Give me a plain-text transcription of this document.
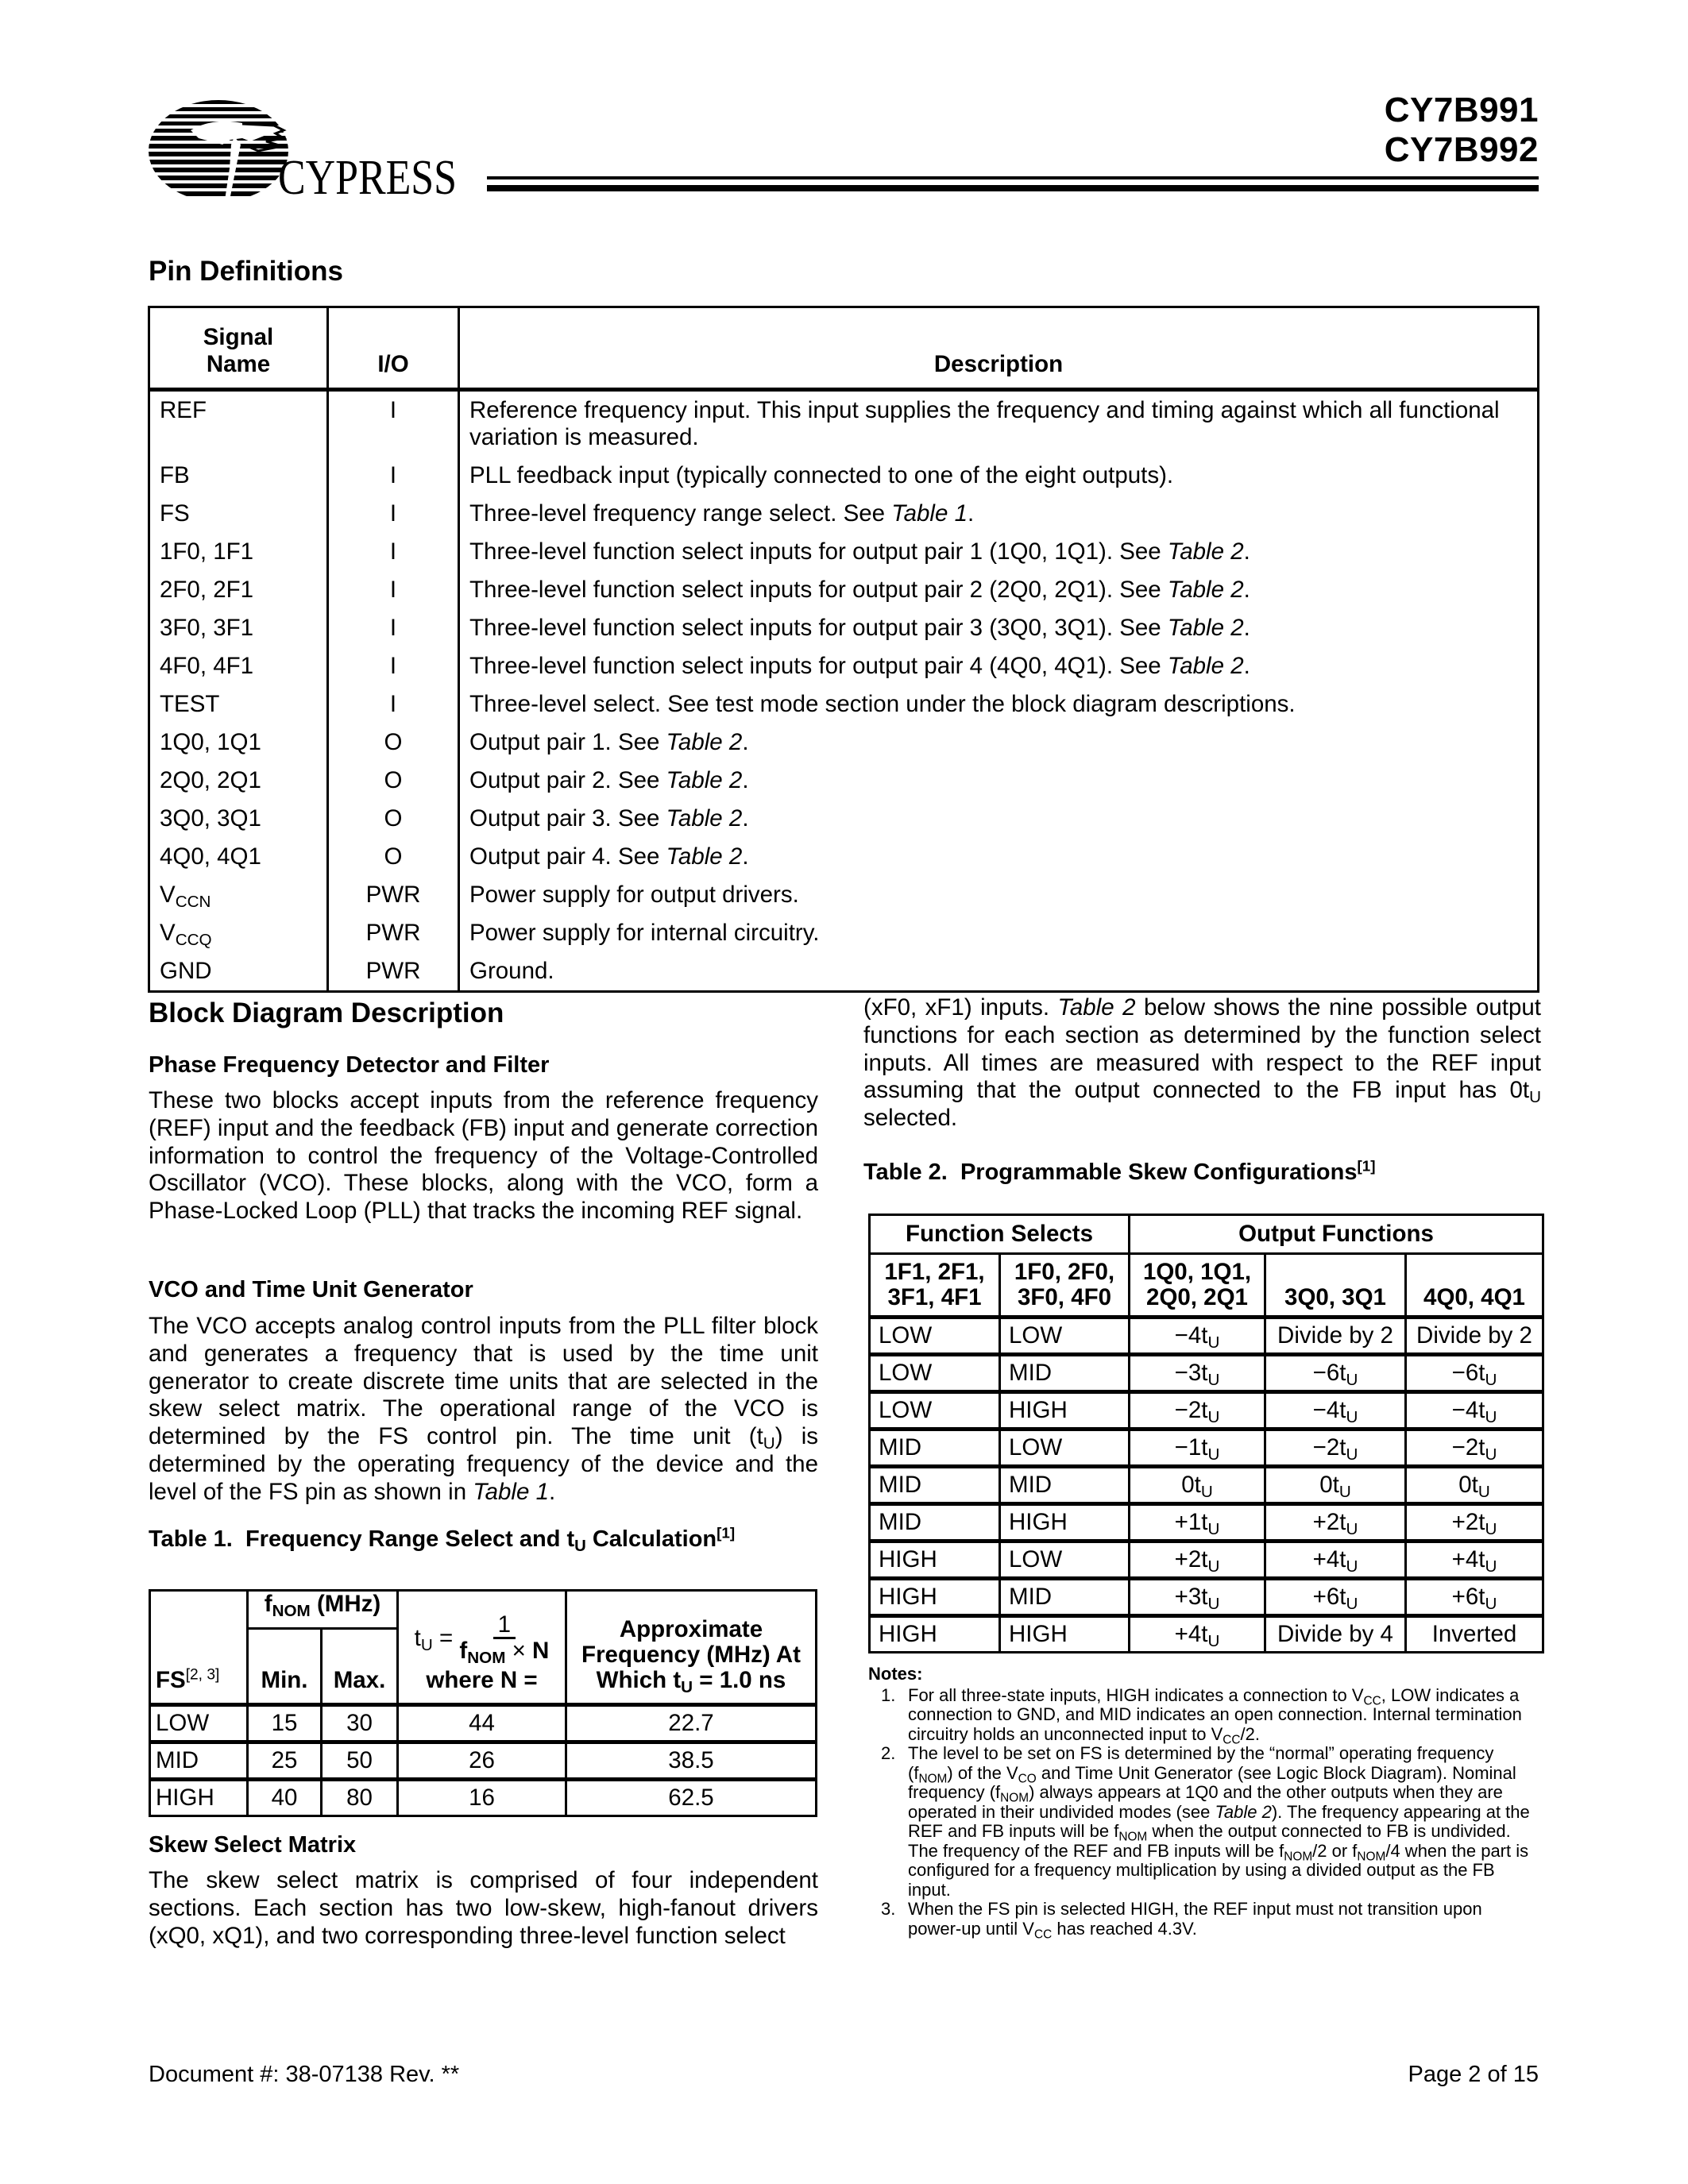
CYPRESS
CY7B991
CY7B992
Pin Definitions
Signal
Name	I/O	Description
REF	I	Reference frequency input. This input supplies the frequency and timing against which all functional variation is measured.
FB	I	PLL feedback input (typically connected to one of the eight outputs).
FS	I	Three-level frequency range select. See Table 1.
1F0, 1F1	I	Three-level function select inputs for output pair 1 (1Q0, 1Q1). See Table 2.
2F0, 2F1	I	Three-level function select inputs for output pair 2 (2Q0, 2Q1). See Table 2.
3F0, 3F1	I	Three-level function select inputs for output pair 3 (3Q0, 3Q1). See Table 2.
4F0, 4F1	I	Three-level function select inputs for output pair 4 (4Q0, 4Q1). See Table 2.
TEST	I	Three-level select. See test mode section under the block diagram descriptions.
1Q0, 1Q1	O	Output pair 1. See Table 2.
2Q0, 2Q1	O	Output pair 2. See Table 2.
3Q0, 3Q1	O	Output pair 3. See Table 2.
4Q0, 4Q1	O	Output pair 4. See Table 2.
$V_{CCN}$	PWR	Power supply for output drivers.
$V_{CCQ}$	PWR	Power supply for internal circuitry.
GND	PWR	Ground.
Block Diagram Description
Phase Frequency Detector and Filter

These two blocks accept inputs from the reference frequency (REF) input and the feedback (FB) input and generate correction information to control the frequency of the Voltage-Controlled Oscillator (VCO). These blocks, along with the VCO, form a Phase-Locked Loop (PLL) that tracks the incoming REF signal.

VCO and Time Unit Generator

The VCO accepts analog control inputs from the PLL filter block and generates a frequency that is used by the time unit generator to create discrete time units that are selected in the skew select matrix. The operational range of the VCO is determined by the FS control pin. The time unit $(t_U)$ is determined by the operating frequency of the device and the level of the FS pin as shown in Table 1.

Table 1.  Frequency Range Select and $t_U$ Calculation[1]
FS[2, 3]	$f_{NOM}$ (MHz)		$t_U = 1$
$f_{NOM} \times N$
where N =	Approximate
Frequency (MHz) At
Which $t_U = 1.0$ ns
	Min.	Max.		
LOW	15	30	44	22.7
MID	25	50	26	38.5
HIGH	40	80	16	62.5
Skew Select Matrix

The skew select matrix is comprised of four independent sections. Each section has two low-skew, high-fanout drivers (xQ0, xQ1), and two corresponding three-level function select

(xF0, xF1) inputs. Table 2 below shows the nine possible output functions for each section as determined by the function select inputs. All times are measured with respect to the REF input assuming that the output connected to the FB input has $0t_U$ selected.

Table 2.  Programmable Skew Configurations[1]
Function Selects		Output Functions		
1F1, 2F1,
3F1, 4F1	1F0, 2F0,
3F0, 4F0	1Q0, 1Q1,
2Q0, 2Q1	3Q0, 3Q1	4Q0, 4Q1
LOW	LOW	$-4t_U$	Divide by 2	Divide by 2
LOW	MID	$-3t_U$	$-6t_U$	$-6t_U$
LOW	HIGH	$-2t_U$	$-4t_U$	$-4t_U$
MID	LOW	$-1t_U$	$-2t_U$	$-2t_U$
MID	MID	$0t_U$	$0t_U$	$0t_U$
MID	HIGH	$+1t_U$	$+2t_U$	$+2t_U$
HIGH	LOW	$+2t_U$	$+4t_U$	$+4t_U$
HIGH	MID	$+3t_U$	$+6t_U$	$+6t_U$
HIGH	HIGH	$+4t_U$	Divide by 4	Inverted
Notes:
1. For all three-state inputs, HIGH indicates a connection to $V_{CC}$, LOW indicates a connection to GND, and MID indicates an open connection. Internal termination circuitry holds an unconnected input to $V_{CC}/2$.
2. The level to be set on FS is determined by the “normal” operating frequency $(f_{NOM})$ of the $V_{CO}$ and Time Unit Generator (see Logic Block Diagram). Nominal frequency $(f_{NOM})$ always appears at 1Q0 and the other outputs when they are operated in their undivided modes (see Table 2). The frequency appearing at the REF and FB inputs will be $f_{NOM}$ when the output connected to FB is undivided. The frequency of the REF and FB inputs will be $f_{NOM}/2$ or $f_{NOM}/4$ when the part is configured for a frequency multiplication by using a divided output as the FB input.
3. When the FS pin is selected HIGH, the REF input must not transition upon power-up until $V_{CC}$ has reached 4.3V.
Document #: 38-07138 Rev. **	Page 2 of 15
